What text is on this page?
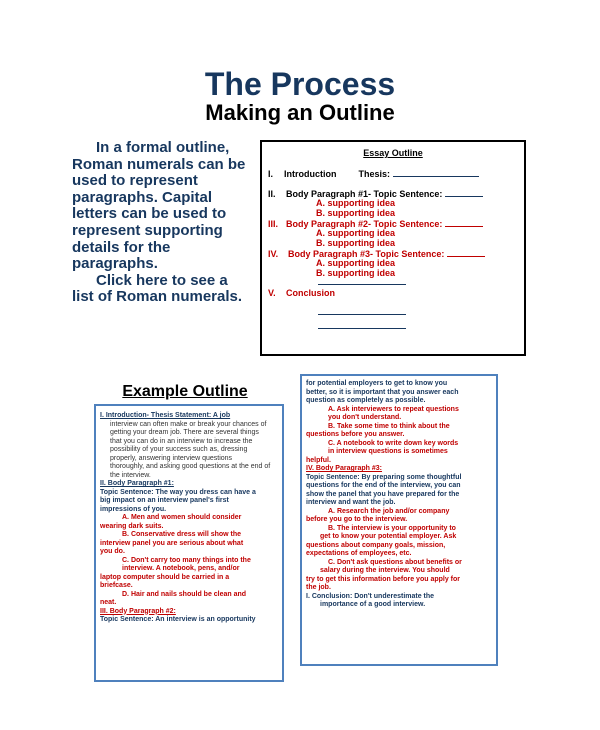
The Process
Making an Outline

In a formal outline, Roman numerals can be used to represent paragraphs. Capital letters can be used to represent supporting details for the paragraphs.

Click here to see a list of Roman numerals.

Essay Outline
I. Introduction Thesis:
II. Body Paragraph #1- Topic Sentence:
A. supporting idea
B. supporting idea
III. Body Paragraph #2- Topic Sentence:
A. supporting idea
B. supporting idea
IV. Body Paragraph #3- Topic Sentence:
A. supporting idea
B. supporting idea
V. Conclusion
Example Outline
I. Introduction- Thesis Statement: A job
interview can often make or break your chances of
getting your dream job. There are several things
that you can do in an interview to increase the
possibility of your success such as, dressing
properly, answering interview questions
thoroughly, and asking good questions at the end of
the interview.
II. Body Paragraph #1:
Topic Sentence: The way you dress can have a
big impact on an interview panel's first
impressions of you.
A. Men and women should consider
wearing dark suits.
B. Conservative dress will show the
interview panel you are serious about what
you do.
C. Don't carry too many things into the
interview. A notebook, pens, and/or
laptop computer should be carried in a
briefcase.
D. Hair and nails should be clean and
neat.
III. Body Paragraph #2:
Topic Sentence: An interview is an opportunity
for potential employers to get to know you
better, so it is important that you answer each
question as completely as possible.
A. Ask interviewers to repeat questions
you don't understand.
B. Take some time to think about the
questions before you answer.
C. A notebook to write down key words
in interview questions is sometimes
helpful.
IV. Body Paragraph #3:
Topic Sentence: By preparing some thoughtful
questions for the end of the interview, you can
show the panel that you have prepared for the
interview and want the job.
A. Research the job and/or company
before you go to the interview.
B. The interview is your opportunity to
get to know your potential employer. Ask
questions about company goals, mission,
expectations of employees, etc.
C. Don't ask questions about benefits or
salary during the interview. You should
try to get this information before you apply for
the job.
I. Conclusion: Don't underestimate the
importance of a good interview.
